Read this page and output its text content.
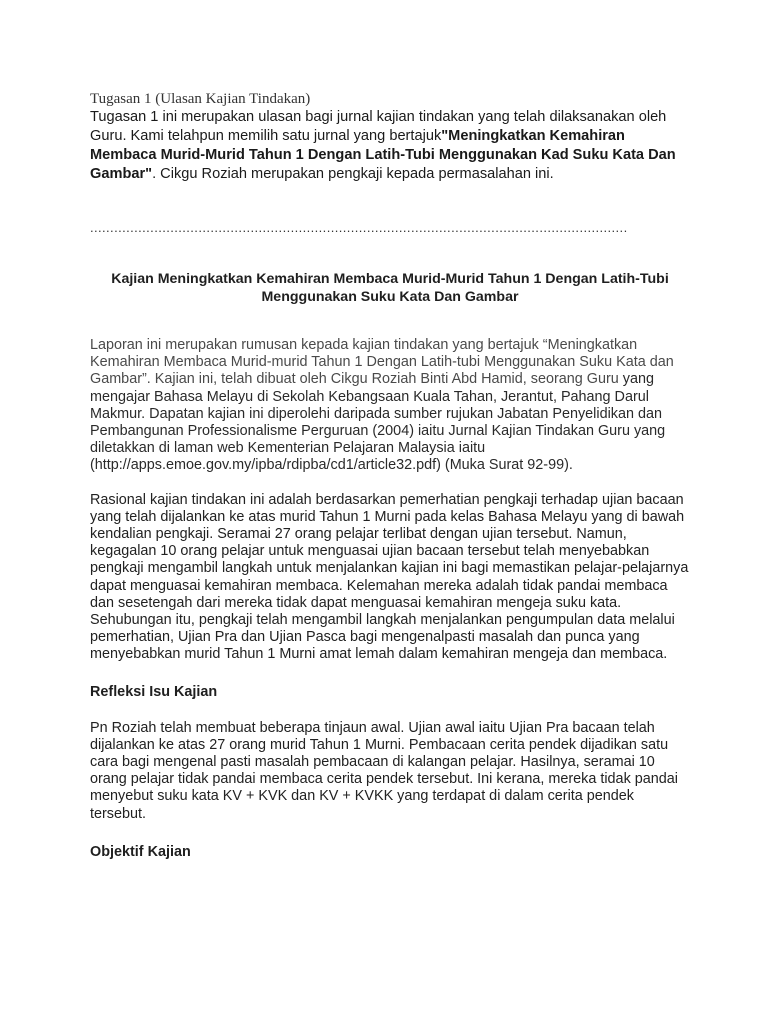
Tugasan 1 (Ulasan Kajian Tindakan)

Tugasan 1 ini merupakan ulasan bagi jurnal kajian tindakan yang telah dilaksanakan oleh Guru. Kami telahpun memilih satu jurnal yang bertajuk"Meningkatkan Kemahiran Membaca Murid-Murid Tahun 1 Dengan Latih-Tubi Menggunakan Kad Suku Kata Dan Gambar". Cikgu Roziah merupakan pengkaji kepada permasalahan ini.

......................................................................................................................................
Kajian Meningkatkan Kemahiran Membaca Murid-Murid Tahun 1 Dengan Latih-Tubi Menggunakan Suku Kata Dan Gambar

Laporan ini merupakan rumusan kepada kajian tindakan yang bertajuk “Meningkatkan Kemahiran Membaca Murid-murid Tahun 1 Dengan Latih-tubi Menggunakan Suku Kata dan Gambar”. Kajian ini, telah dibuat oleh Cikgu Roziah Binti Abd Hamid, seorang Guru yang mengajar Bahasa Melayu di Sekolah Kebangsaan Kuala Tahan, Jerantut, Pahang Darul Makmur. Dapatan kajian ini diperolehi daripada sumber rujukan Jabatan Penyelidikan dan Pembangunan Professionalisme Perguruan (2004) iaitu Jurnal Kajian Tindakan Guru yang diletakkan di laman web Kementerian Pelajaran Malaysia iaitu (http://apps.emoe.gov.my/ipba/rdipba/cd1/article32.pdf) (Muka Surat 92-99).

Rasional kajian tindakan ini adalah berdasarkan pemerhatian pengkaji terhadap ujian bacaan yang telah dijalankan ke atas murid Tahun 1 Murni pada kelas Bahasa Melayu yang di bawah kendalian pengkaji. Seramai 27 orang pelajar terlibat dengan ujian tersebut. Namun, kegagalan 10 orang pelajar untuk menguasai ujian bacaan tersebut telah menyebabkan pengkaji mengambil langkah untuk menjalankan kajian ini bagi memastikan pelajar-pelajarnya dapat menguasai kemahiran membaca. Kelemahan mereka adalah tidak pandai membaca dan sesetengah dari mereka tidak dapat menguasai kemahiran mengeja suku kata. Sehubungan itu, pengkaji telah mengambil langkah menjalankan pengumpulan data melalui pemerhatian, Ujian Pra dan Ujian Pasca bagi mengenalpasti masalah dan punca yang menyebabkan murid Tahun 1 Murni amat lemah dalam kemahiran mengeja dan membaca.

Refleksi Isu Kajian

Pn Roziah telah membuat beberapa tinjaun awal. Ujian awal iaitu Ujian Pra bacaan telah dijalankan ke atas 27 orang murid Tahun 1 Murni. Pembacaan cerita pendek dijadikan satu cara bagi mengenal pasti masalah pembacaan di kalangan pelajar. Hasilnya, seramai 10 orang pelajar tidak pandai membaca cerita pendek tersebut. Ini kerana, mereka tidak pandai menyebut suku kata KV + KVK dan KV + KVKK yang terdapat di dalam cerita pendek tersebut.

Objektif Kajian
